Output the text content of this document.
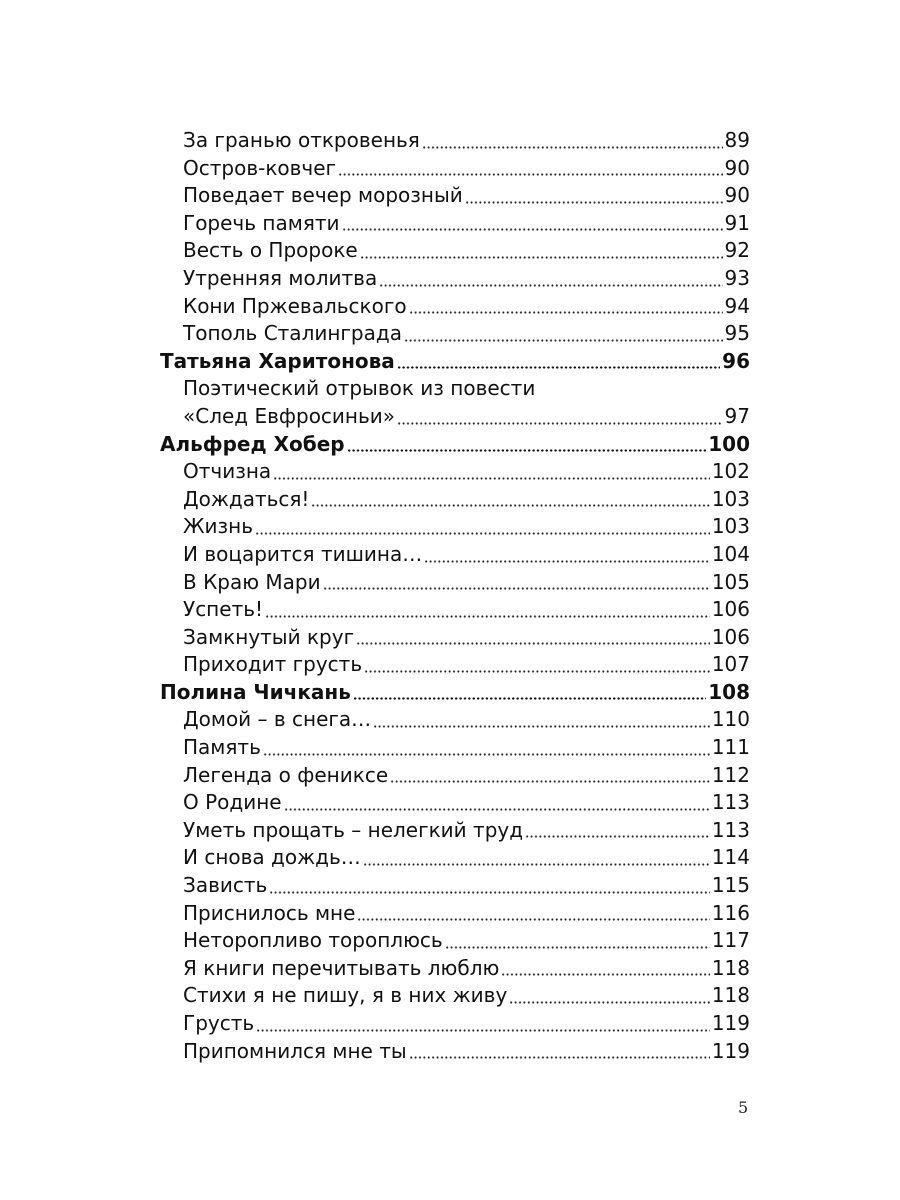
За гранью откровенья	89
Остров-ковчег	90
Поведает вечер морозный	90
Горечь памяти	91
Весть о Пророке	92
Утренняя молитва	93
Кони Пржевальского	94
Тополь Сталинграда	95
Татьяна Харитонова	96
Поэтический отрывок из повести
«След Евфросиньи»	97
Альфред Хобер	100
Отчизна	102
Дождаться!	103
Жизнь	103
И воцарится тишина…	104
В Краю Мари	105
Успеть!	106
Замкнутый круг	106
Приходит грусть	107
Полина Чичкань	108
Домой – в снега…	110
Память	111
Легенда о фениксе	112
О Родине	113
Уметь прощать – нелегкий труд	113
И снова дождь…	114
Зависть	115
Приснилось мне	116
Неторопливо тороплюсь	117
Я книги перечитывать люблю	118
Стихи я не пишу, я в них живу	118
Грусть	119
Припомнился мне ты	119
5
